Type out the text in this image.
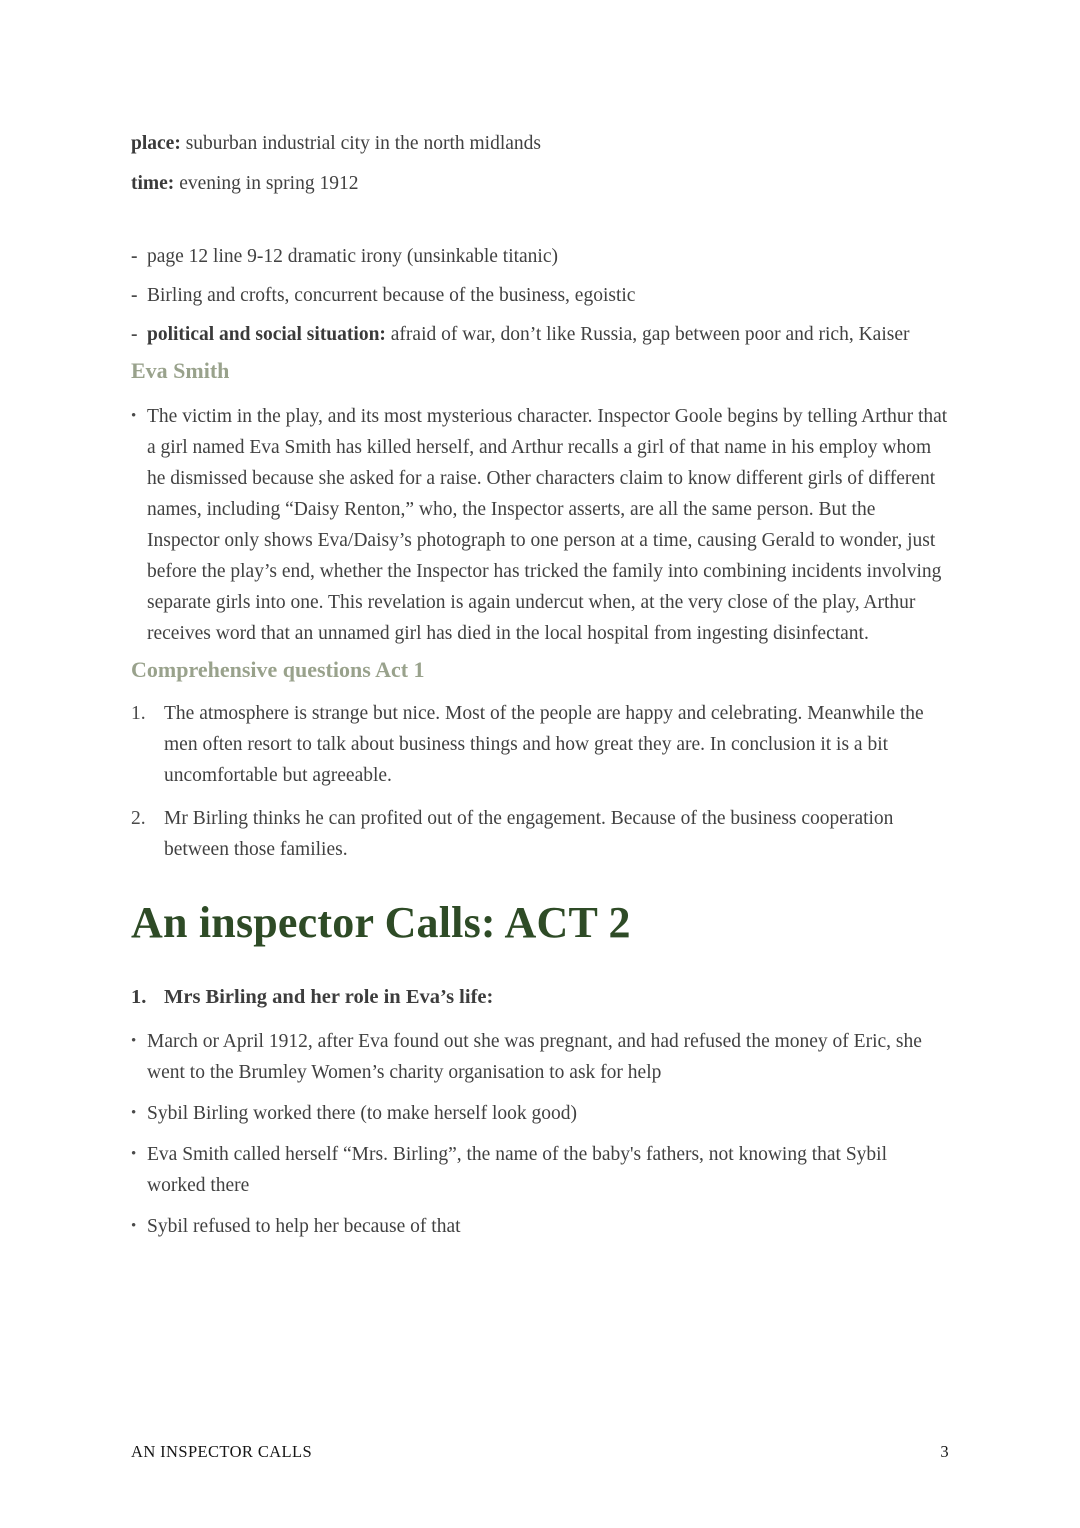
place: suburban industrial city in the north midlands

time: evening in spring 1912

- page 12 line 9-12 dramatic irony (unsinkable titanic)
- Birling and crofts, concurrent because of the business, egoistic
- political and social situation: afraid of war, don’t like Russia, gap between poor and rich, Kaiser
Eva Smith
• The victim in the play, and its most mysterious character. Inspector Goole begins by telling Arthur that a girl named Eva Smith has killed herself, and Arthur recalls a girl of that name in his employ whom he dismissed because she asked for a raise. Other characters claim to know different girls of different names, including “Daisy Renton,” who, the Inspector asserts, are all the same person. But the Inspector only shows Eva/Daisy’s photograph to one person at a time, causing Gerald to wonder, just before the play’s end, whether the Inspector has tricked the family into combining incidents involving separate girls into one. This revelation is again undercut when, at the very close of the play, Arthur receives word that an unnamed girl has died in the local hospital from ingesting disinfectant.
Comprehensive questions Act 1
1. The atmosphere is strange but nice. Most of the people are happy and celebrating. Meanwhile the men often resort to talk about business things and how great they are. In conclusion it is a bit uncomfortable but agreeable.
2. Mr Birling thinks he can profited out of the engagement. Because of the business cooperation between those families.
An inspector Calls: ACT 2
1. Mrs Birling and her role in Eva’s life:
• March or April 1912, after Eva found out she was pregnant, and had refused the money of Eric, she went to the Brumley Women’s charity organisation to ask for help
• Sybil Birling worked there (to make herself look good)
• Eva Smith called herself “Mrs. Birling”, the name of the baby's fathers, not knowing that Sybil worked there
• Sybil refused to help her because of that
AN INSPECTOR CALLS	3
